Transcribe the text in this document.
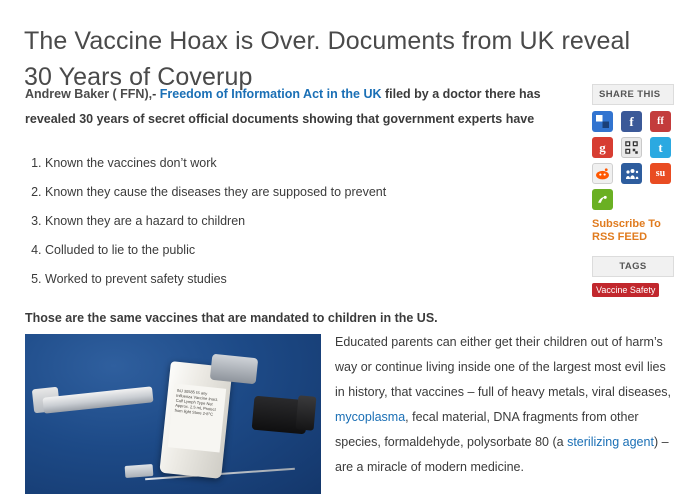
The Vaccine Hoax is Over. Documents from UK reveal 30 Years of Coverup

Andrew Baker ( FFN),- Freedom of Information Act in the UK filed by a doctor there has revealed 30 years of secret official documents showing that government experts have

1. Known the vaccines don’t work
2. Known they cause the diseases they are supposed to prevent
3. Known they are a hazard to children
4. Colluded to lie to the public
5. Worked to prevent safety studies

Those are the same vaccines that are mandated to children in the US.

INJ 30585 IS any Influenza Vaccine Inact. Calf Lymph Type Net Approx. 2.5 mL Protect from light Store 2-8°C

Educated parents can either get their children out of harm’s way or continue living inside one of the largest most evil lies in history, that vaccines – full of heavy metals, viral diseases, mycoplasma, fecal material, DNA fragments from other species, formaldehyde, polysorbate 80 (a sterilizing agent) – are a miracle of modern medicine.

SHARE THIS
f	ff
g	t
su
Subscribe To
RSS FEED
TAGS
Vaccine Safety
